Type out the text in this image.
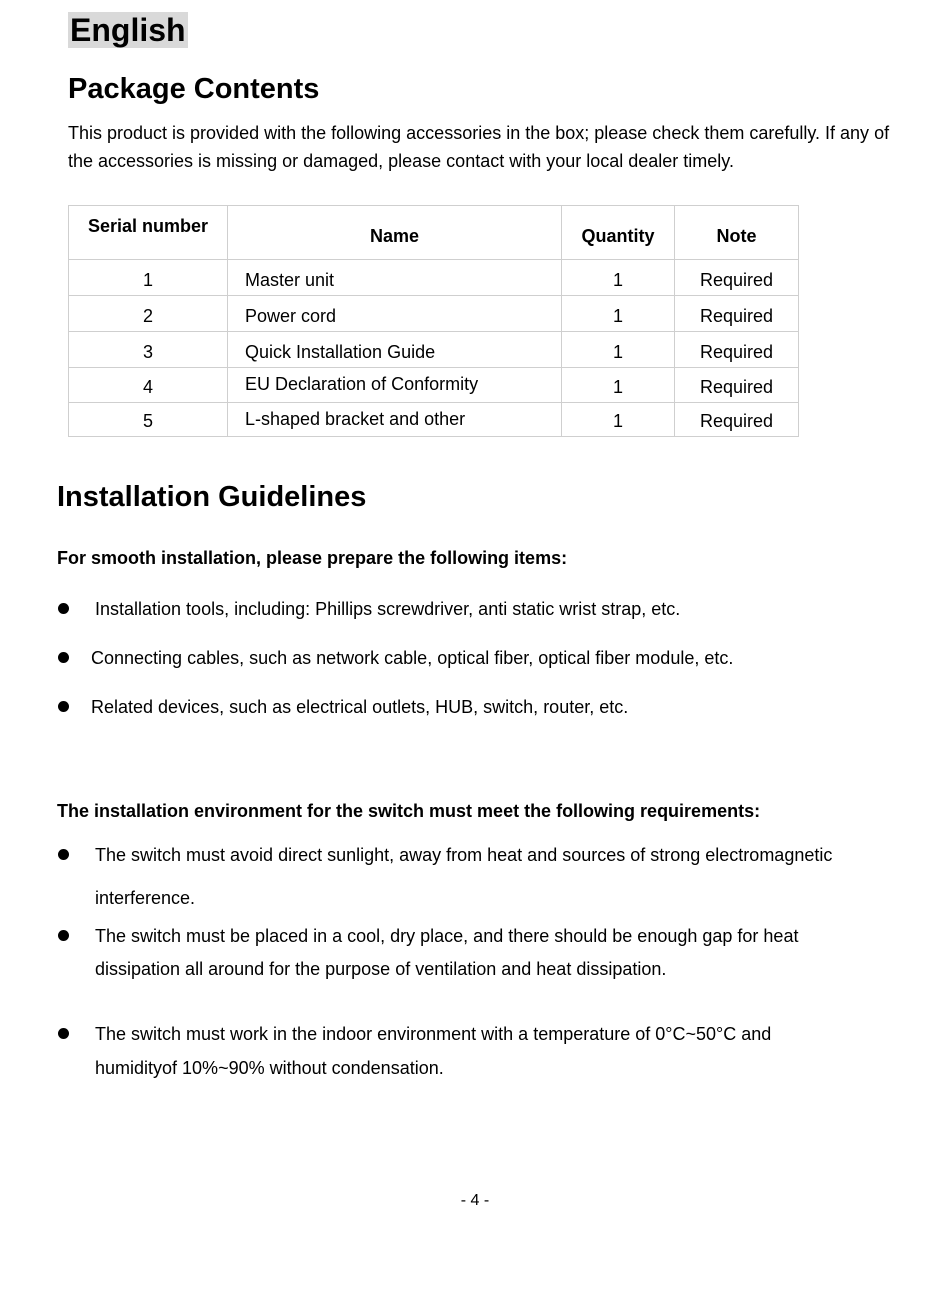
English
Package Contents
This product is provided with the following accessories in the box; please check them carefully. If any of the accessories is missing or damaged, please contact with your local dealer timely.
Serial number	Name	Quantity	Note
1	Master unit	1	Required
2	Power cord	1	Required
3	Quick Installation Guide	1	Required
4	EU Declaration of Conformity	1	Required
5	L-shaped bracket and other	1	Required
Installation Guidelines
For smooth installation, please prepare the following items:
Installation tools, including: Phillips screwdriver, anti static wrist strap, etc.
Connecting cables, such as network cable, optical fiber, optical fiber module, etc.
Related devices, such as electrical outlets, HUB, switch, router, etc.
The installation environment for the switch must meet the following requirements:
The switch must avoid direct sunlight, away from heat and sources of strong electromagnetic
interference.
The switch must be placed in a cool, dry place, and there should be enough gap for heat
dissipation all around for the purpose of ventilation and heat dissipation.
The switch must work in the indoor environment with a temperature of 0°C~50°C and
humidityof 10%~90% without condensation.
- 4 -
